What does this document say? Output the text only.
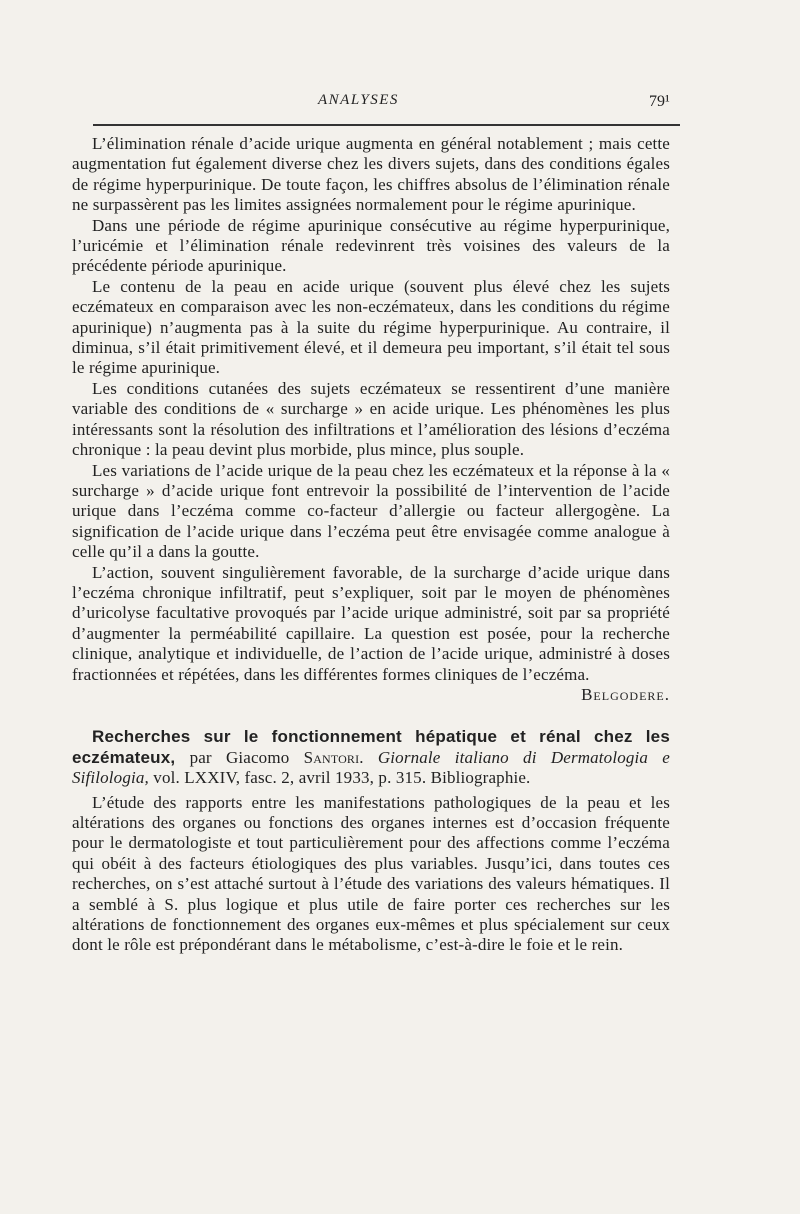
ANALYSES	79¹

L’élimination rénale d’acide urique augmenta en général notablement ; mais cette augmentation fut également diverse chez les divers sujets, dans des conditions égales de régime hyperpurinique. De toute façon, les chiffres absolus de l’élimination rénale ne surpassèrent pas les limites assignées normalement pour le régime apurinique.

Dans une période de régime apurinique consécutive au régime hyperpurinique, l’uricémie et l’élimination rénale redevinrent très voisines des valeurs de la précédente période apurinique.

Le contenu de la peau en acide urique (souvent plus élevé chez les sujets eczémateux en comparaison avec les non-eczémateux, dans les conditions du régime apurinique) n’augmenta pas à la suite du régime hyperpurinique. Au contraire, il diminua, s’il était primitivement élevé, et il demeura peu important, s’il était tel sous le régime apurinique.

Les conditions cutanées des sujets eczémateux se ressentirent d’une manière variable des conditions de « surcharge » en acide urique. Les phénomènes les plus intéressants sont la résolution des infiltrations et l’amélioration des lésions d’eczéma chronique : la peau devint plus morbide, plus mince, plus souple.

Les variations de l’acide urique de la peau chez les eczémateux et la réponse à la « surcharge » d’acide urique font entrevoir la possibilité de l’intervention de l’acide urique dans l’eczéma comme co-facteur d’allergie ou facteur allergogène. La signification de l’acide urique dans l’eczéma peut être envisagée comme analogue à celle qu’il a dans la goutte.

L’action, souvent singulièrement favorable, de la surcharge d’acide urique dans l’eczéma chronique infiltratif, peut s’expliquer, soit par le moyen de phénomènes d’uricolyse facultative provoqués par l’acide urique administré, soit par sa propriété d’augmenter la perméabilité capillaire. La question est posée, pour la recherche clinique, analytique et individuelle, de l’action de l’acide urique, administré à doses fractionnées et répétées, dans les différentes formes cliniques de l’eczéma.

Belgodere.

Recherches sur le fonctionnement hépatique et rénal chez les eczémateux, par Giacomo Santori. Giornale italiano di Dermatologia e Sifilologia, vol. LXXIV, fasc. 2, avril 1933, p. 315. Bibliographie.

L’étude des rapports entre les manifestations pathologiques de la peau et les altérations des organes ou fonctions des organes internes est d’occasion fréquente pour le dermatologiste et tout particulièrement pour des affections comme l’eczéma qui obéit à des facteurs étiologiques des plus variables. Jusqu’ici, dans toutes ces recherches, on s’est attaché surtout à l’étude des variations des valeurs hématiques. Il a semblé à S. plus logique et plus utile de faire porter ces recherches sur les altérations de fonctionnement des organes eux-mêmes et plus spécialement sur ceux dont le rôle est prépondérant dans le métabolisme, c’est-à-dire le foie et le rein.
